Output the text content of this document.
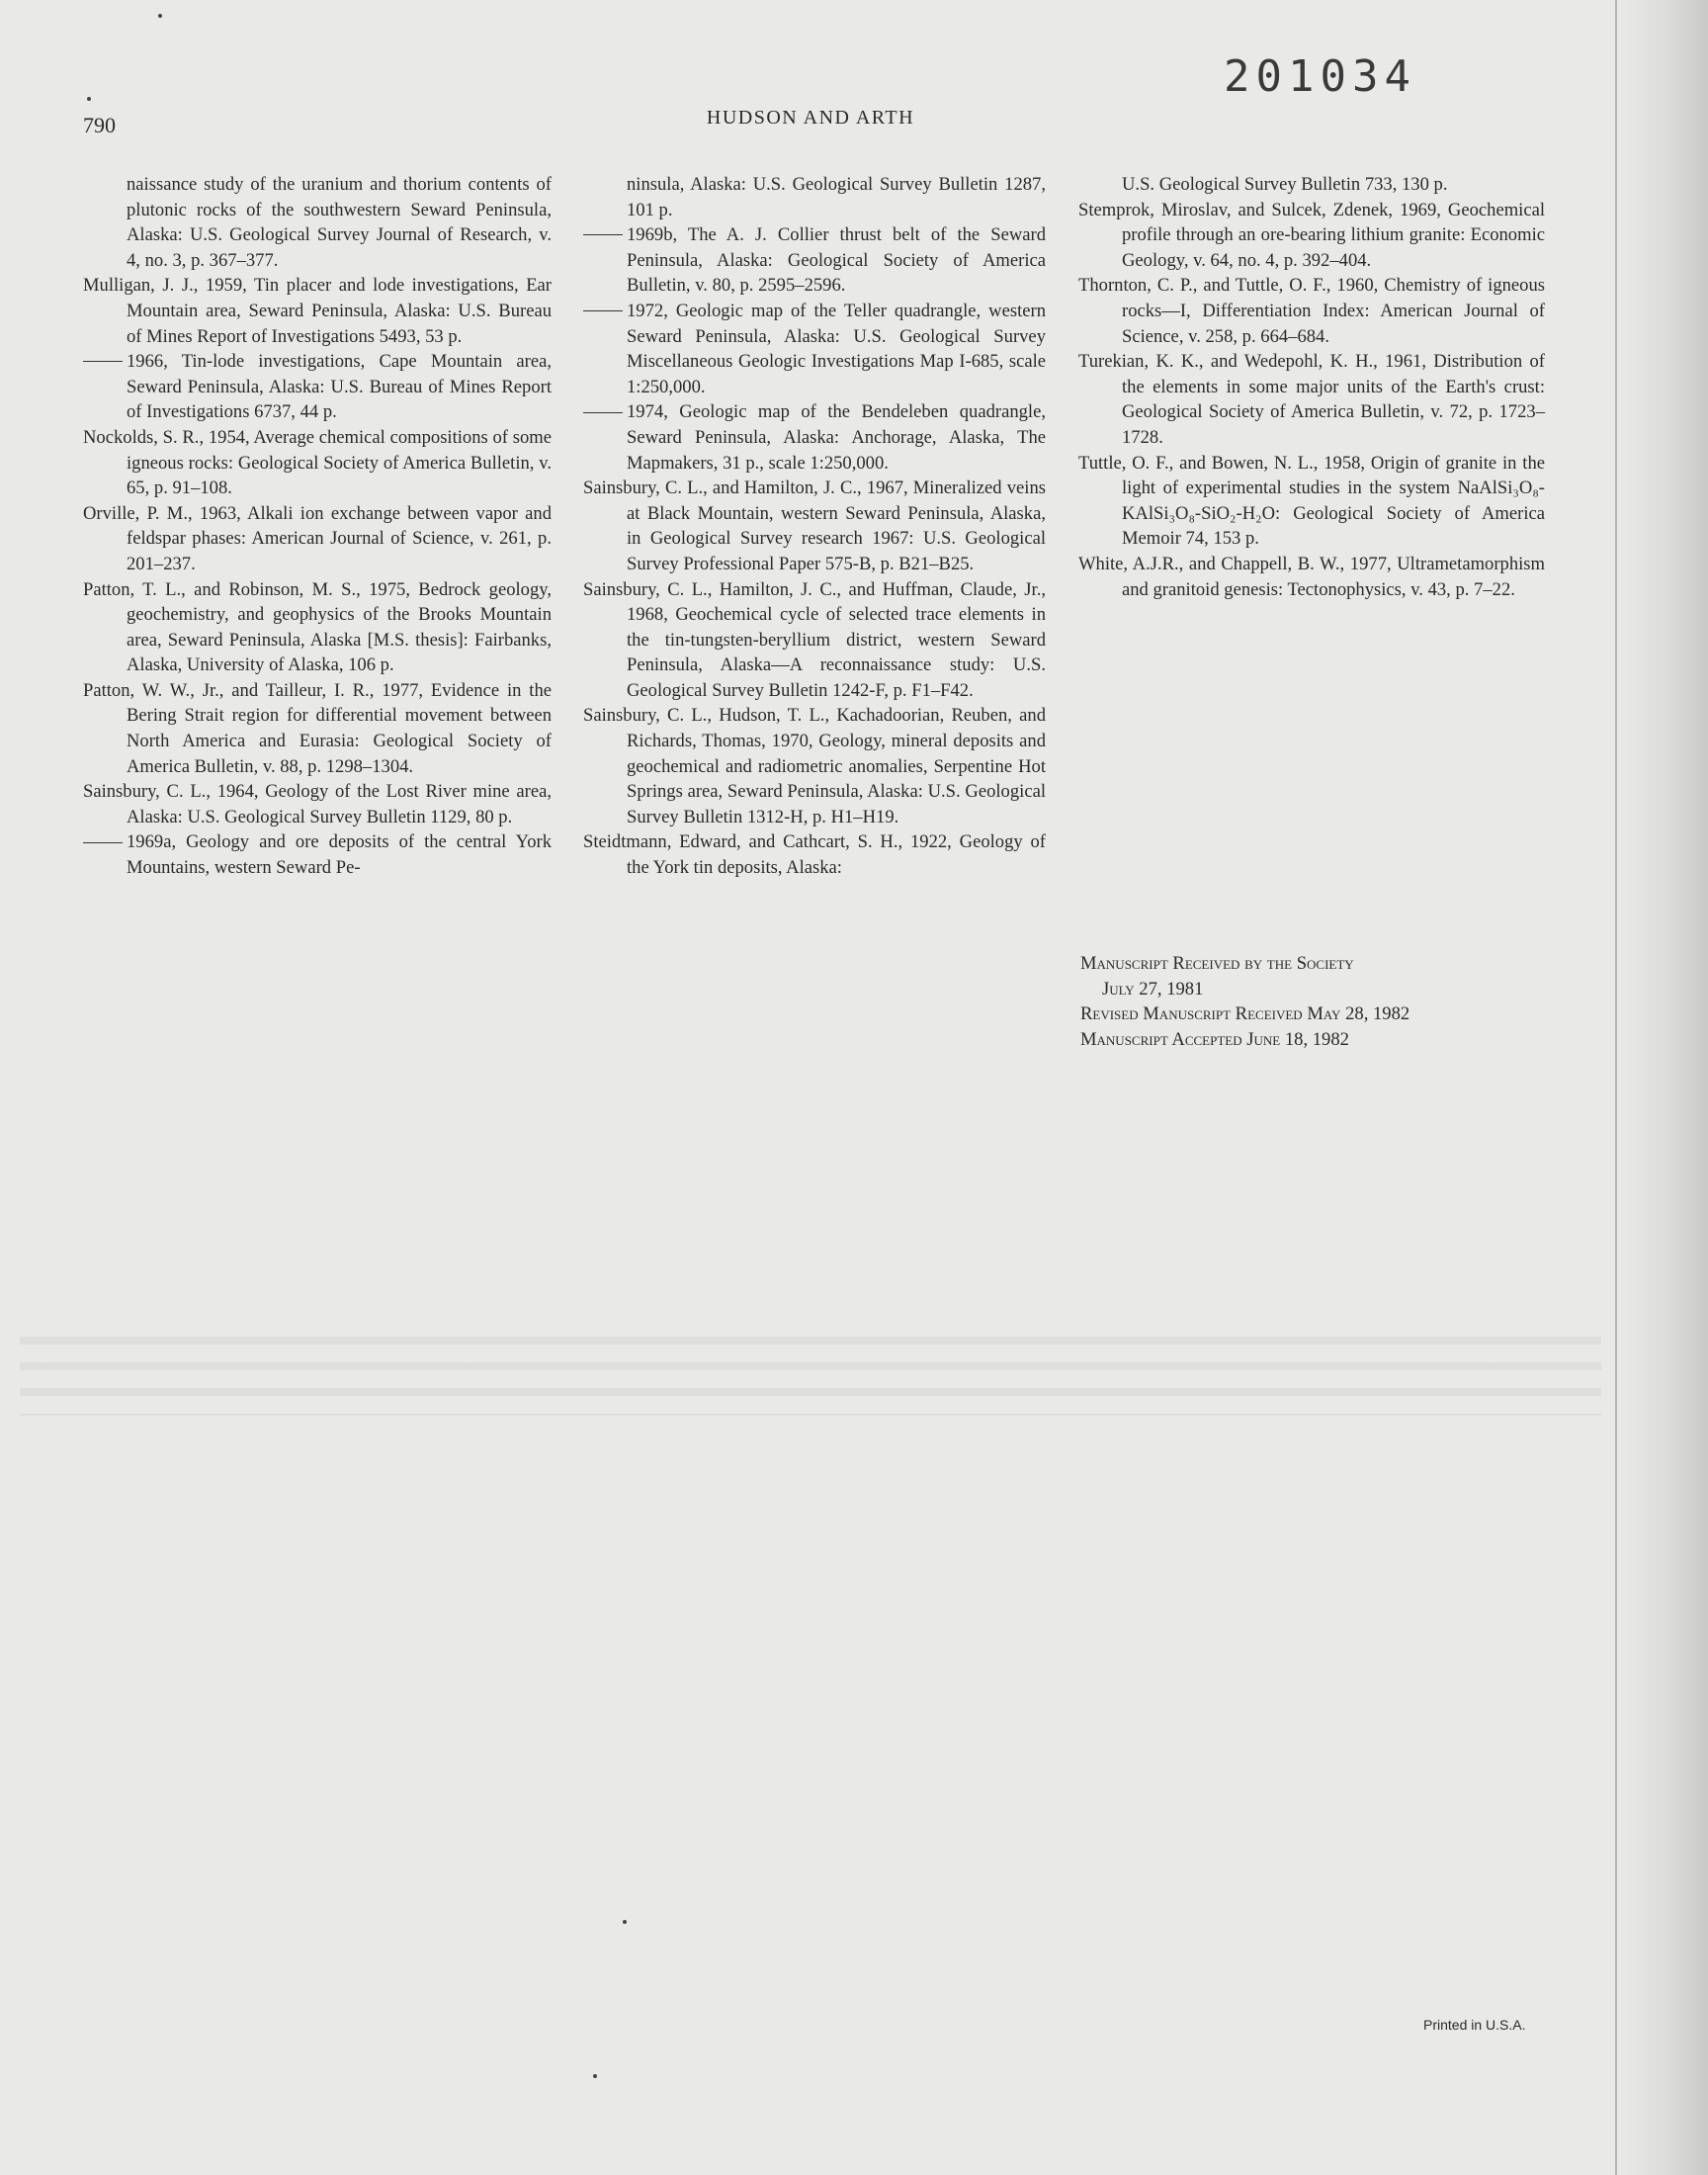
201034
790	HUDSON AND ARTH

naissance study of the uranium and thorium contents of plutonic rocks of the southwestern Seward Peninsula, Alaska: U.S. Geological Survey Journal of Research, v. 4, no. 3, p. 367–377.

Mulligan, J. J., 1959, Tin placer and lode investigations, Ear Mountain area, Seward Peninsula, Alaska: U.S. Bureau of Mines Report of Investigations 5493, 53 p.

1966, Tin-lode investigations, Cape Mountain area, Seward Peninsula, Alaska: U.S. Bureau of Mines Report of Investigations 6737, 44 p.

Nockolds, S. R., 1954, Average chemical compositions of some igneous rocks: Geological Society of America Bulletin, v. 65, p. 91–108.

Orville, P. M., 1963, Alkali ion exchange between vapor and feldspar phases: American Journal of Science, v. 261, p. 201–237.

Patton, T. L., and Robinson, M. S., 1975, Bedrock geology, geochemistry, and geophysics of the Brooks Mountain area, Seward Peninsula, Alaska [M.S. thesis]: Fairbanks, Alaska, University of Alaska, 106 p.

Patton, W. W., Jr., and Tailleur, I. R., 1977, Evidence in the Bering Strait region for differential movement between North America and Eurasia: Geological Society of America Bulletin, v. 88, p. 1298–1304.

Sainsbury, C. L., 1964, Geology of the Lost River mine area, Alaska: U.S. Geological Survey Bulletin 1129, 80 p.

1969a, Geology and ore deposits of the central York Mountains, western Seward Pe-

ninsula, Alaska: U.S. Geological Survey Bulletin 1287, 101 p.

1969b, The A. J. Collier thrust belt of the Seward Peninsula, Alaska: Geological Society of America Bulletin, v. 80, p. 2595–2596.

1972, Geologic map of the Teller quadrangle, western Seward Peninsula, Alaska: U.S. Geological Survey Miscellaneous Geologic Investigations Map I-685, scale 1:250,000.

1974, Geologic map of the Bendeleben quadrangle, Seward Peninsula, Alaska: Anchorage, Alaska, The Mapmakers, 31 p., scale 1:250,000.

Sainsbury, C. L., and Hamilton, J. C., 1967, Mineralized veins at Black Mountain, western Seward Peninsula, Alaska, in Geological Survey research 1967: U.S. Geological Survey Professional Paper 575-B, p. B21–B25.

Sainsbury, C. L., Hamilton, J. C., and Huffman, Claude, Jr., 1968, Geochemical cycle of selected trace elements in the tin-tungsten-beryllium district, western Seward Peninsula, Alaska—A reconnaissance study: U.S. Geological Survey Bulletin 1242-F, p. F1–F42.

Sainsbury, C. L., Hudson, T. L., Kachadoorian, Reuben, and Richards, Thomas, 1970, Geology, mineral deposits and geochemical and radiometric anomalies, Serpentine Hot Springs area, Seward Peninsula, Alaska: U.S. Geological Survey Bulletin 1312-H, p. H1–H19.

Steidtmann, Edward, and Cathcart, S. H., 1922, Geology of the York tin deposits, Alaska:

U.S. Geological Survey Bulletin 733, 130 p.

Stemprok, Miroslav, and Sulcek, Zdenek, 1969, Geochemical profile through an ore-bearing lithium granite: Economic Geology, v. 64, no. 4, p. 392–404.

Thornton, C. P., and Tuttle, O. F., 1960, Chemistry of igneous rocks—I, Differentiation Index: American Journal of Science, v. 258, p. 664–684.

Turekian, K. K., and Wedepohl, K. H., 1961, Distribution of the elements in some major units of the Earth's crust: Geological Society of America Bulletin, v. 72, p. 1723–1728.

Tuttle, O. F., and Bowen, N. L., 1958, Origin of granite in the light of experimental studies in the system NaAlSi₃O₈-KAlSi₃O₈-SiO₂-H₂O: Geological Society of America Memoir 74, 153 p.

White, A.J.R., and Chappell, B. W., 1977, Ultrametamorphism and granitoid genesis: Tectonophysics, v. 43, p. 7–22.

Manuscript Received by the Society

July 27, 1981

Revised Manuscript Received May 28, 1982

Manuscript Accepted June 18, 1982

Printed in U.S.A.
